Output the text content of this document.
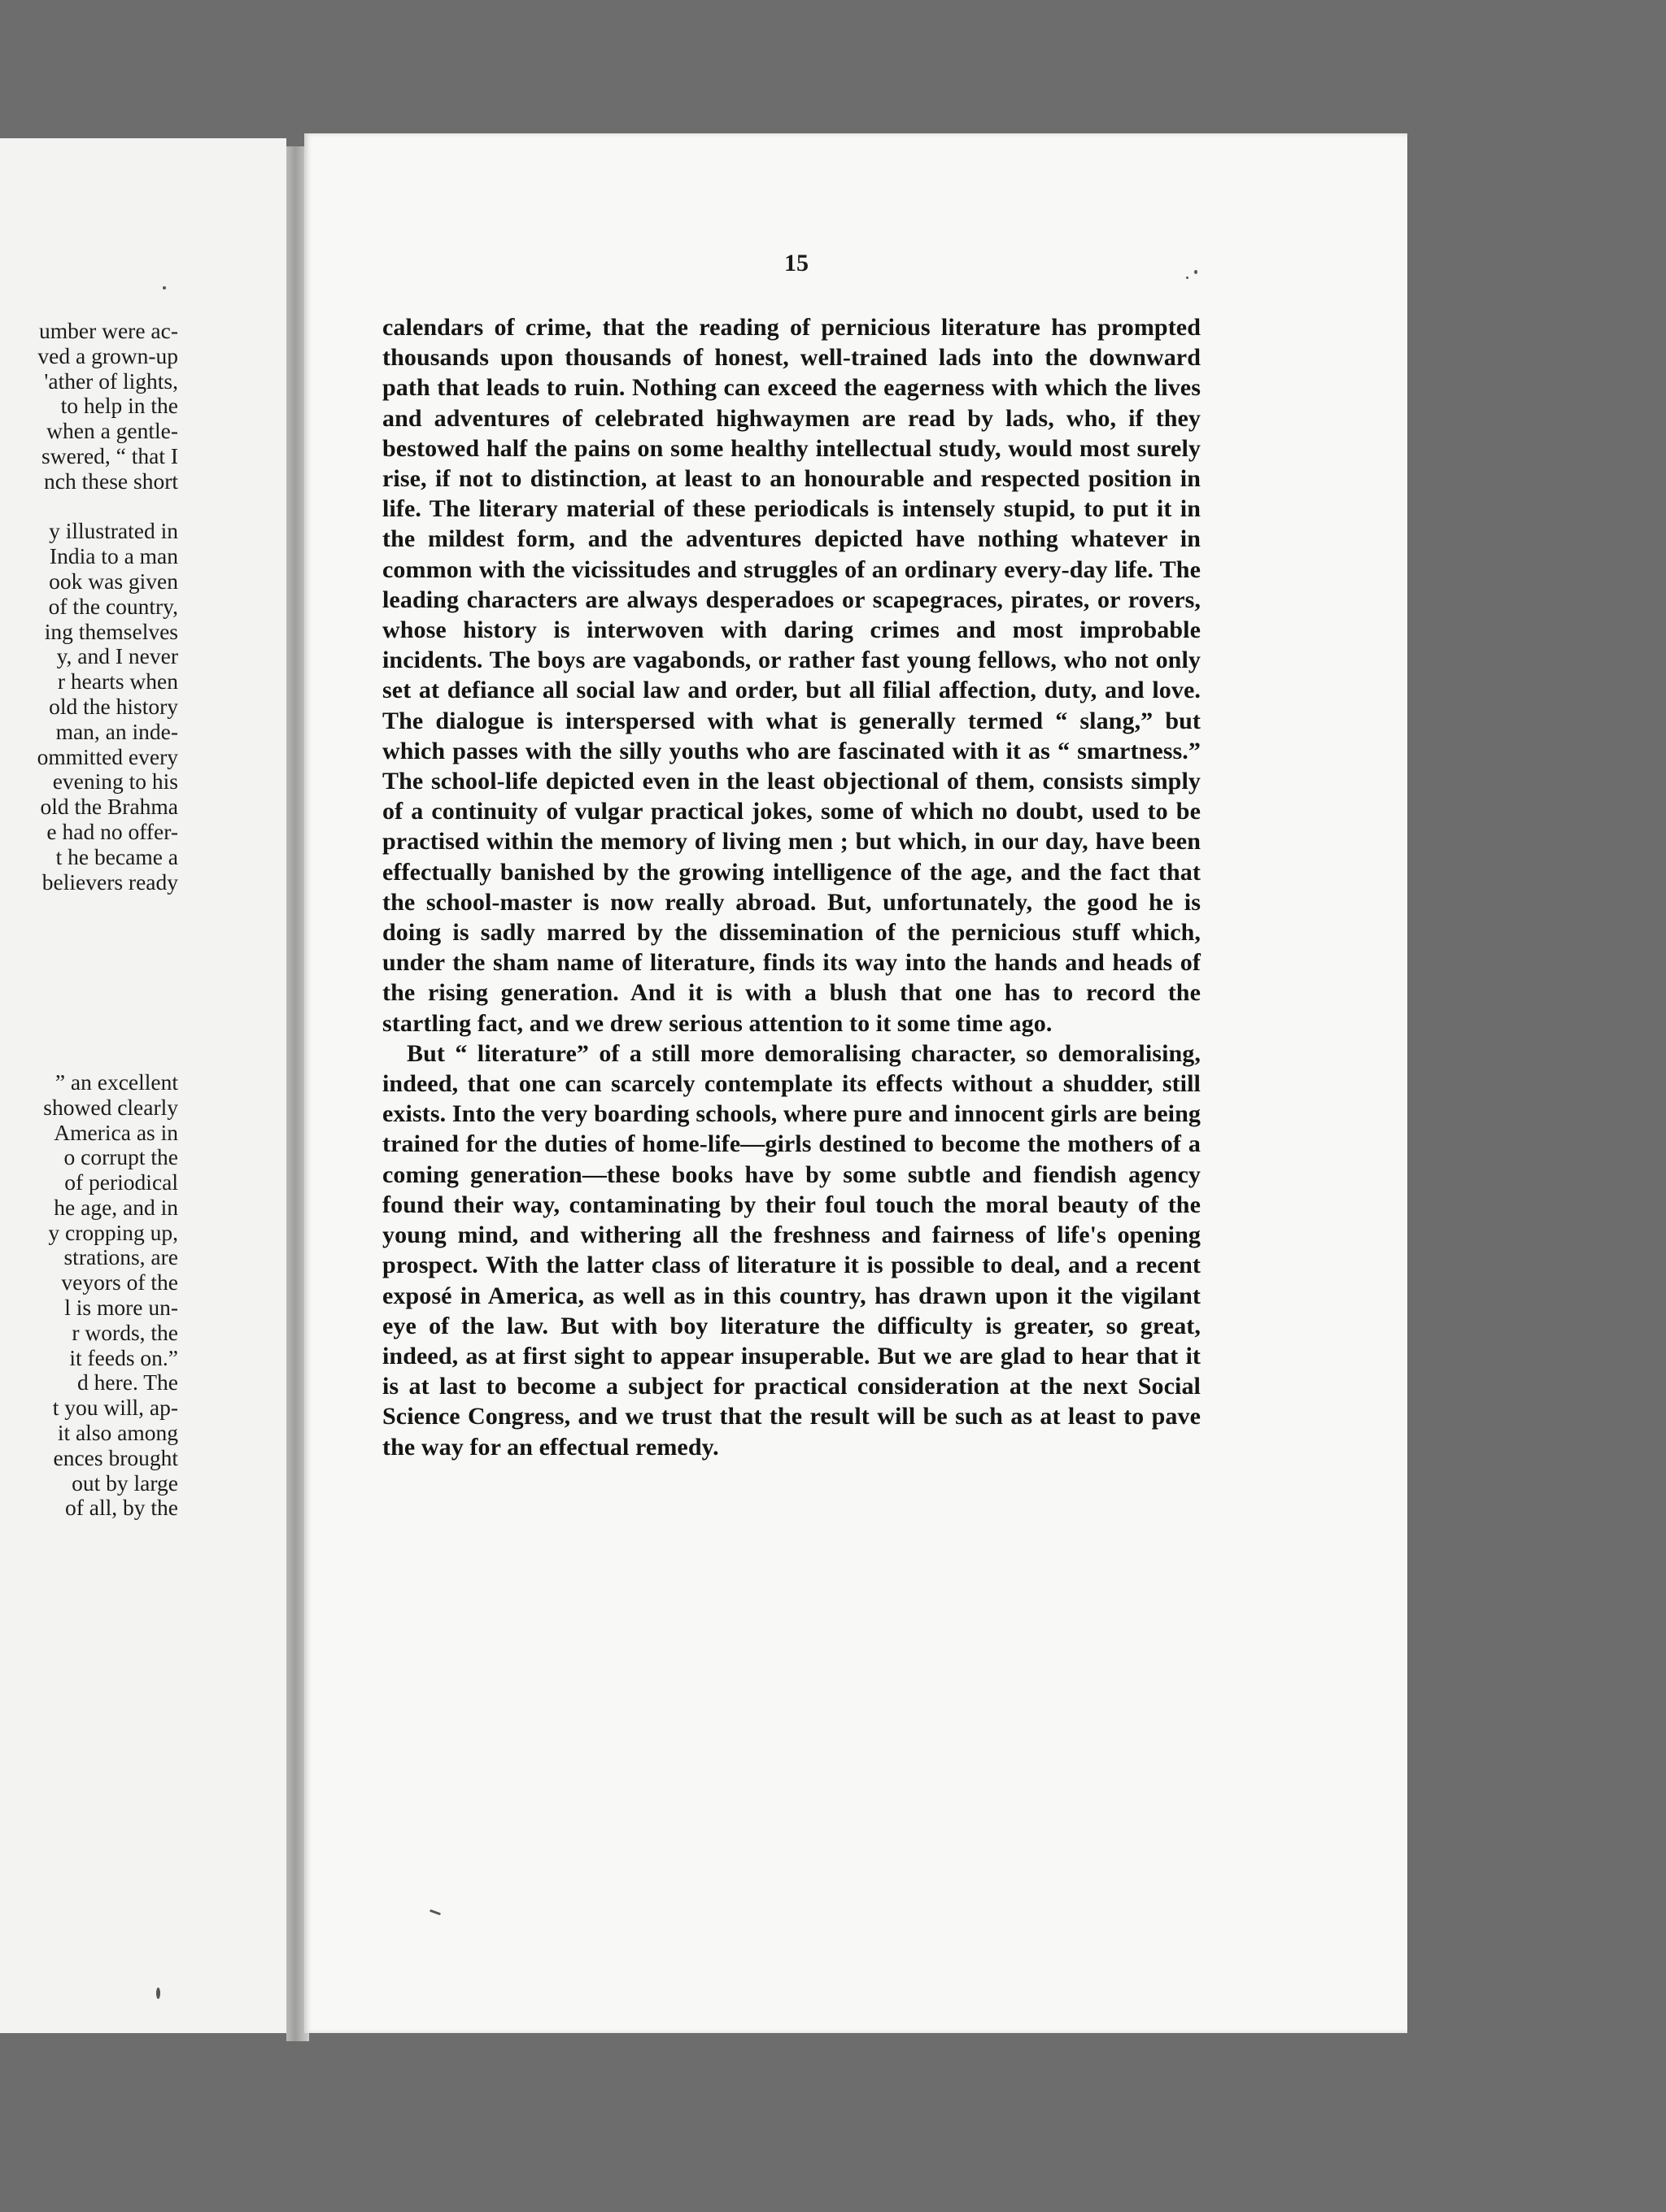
umber were ac-
ved a grown-up
'ather of lights,
to help in the
when a gentle-
swered, “ that I
nch these short

y illustrated in
India to a man
ook was given
of the country,
ing themselves
y, and I never
r hearts when
old the history
man, an inde-
ommitted every
evening to his
old the Brahma
e had no offer-
t he became a
believers ready

” an excellent
showed clearly
America as in
o corrupt the
of periodical
he age, and in
y cropping up,
strations, are
veyors of the
l is more un-
r words, the
it feeds on.”
d here. The
t you will, ap-
it also among
ences brought
out by large
of all, by the
15

calendars of crime, that the reading of pernicious literature has prompted thousands upon thousands of honest, well-trained lads into the downward path that leads to ruin. Nothing can exceed the eagerness with which the lives and adventures of celebrated highwaymen are read by lads, who, if they bestowed half the pains on some healthy intellectual study, would most surely rise, if not to distinction, at least to an honourable and respected position in life. The literary material of these periodicals is intensely stupid, to put it in the mildest form, and the adventures depicted have nothing whatever in common with the vicissitudes and struggles of an ordinary every-day life. The leading characters are always desperadoes or scapegraces, pirates, or rovers, whose history is interwoven with daring crimes and most improbable incidents. The boys are vagabonds, or rather fast young fellows, who not only set at defiance all social law and order, but all filial affection, duty, and love. The dialogue is interspersed with what is generally termed “ slang,” but which passes with the silly youths who are fascinated with it as “ smartness.” The school-life depicted even in the least objectional of them, consists simply of a continuity of vulgar practical jokes, some of which no doubt, used to be practised within the memory of living men ; but which, in our day, have been effectually banished by the growing intelligence of the age, and the fact that the school-master is now really abroad. But, unfortunately, the good he is doing is sadly marred by the dissemination of the pernicious stuff which, under the sham name of literature, finds its way into the hands and heads of the rising generation. And it is with a blush that one has to record the startling fact, and we drew serious attention to it some time ago.

But “ literature” of a still more demoralising character, so demoralising, indeed, that one can scarcely contemplate its effects without a shudder, still exists. Into the very boarding schools, where pure and innocent girls are being trained for the duties of home-life—girls destined to become the mothers of a coming generation—these books have by some subtle and fiendish agency found their way, contaminating by their foul touch the moral beauty of the young mind, and withering all the freshness and fairness of life's opening prospect. With the latter class of literature it is possible to deal, and a recent exposé in America, as well as in this country, has drawn upon it the vigilant eye of the law. But with boy literature the difficulty is greater, so great, indeed, as at first sight to appear insuperable. But we are glad to hear that it is at last to become a subject for practical consideration at the next Social Science Congress, and we trust that the result will be such as at least to pave the way for an effectual remedy.
